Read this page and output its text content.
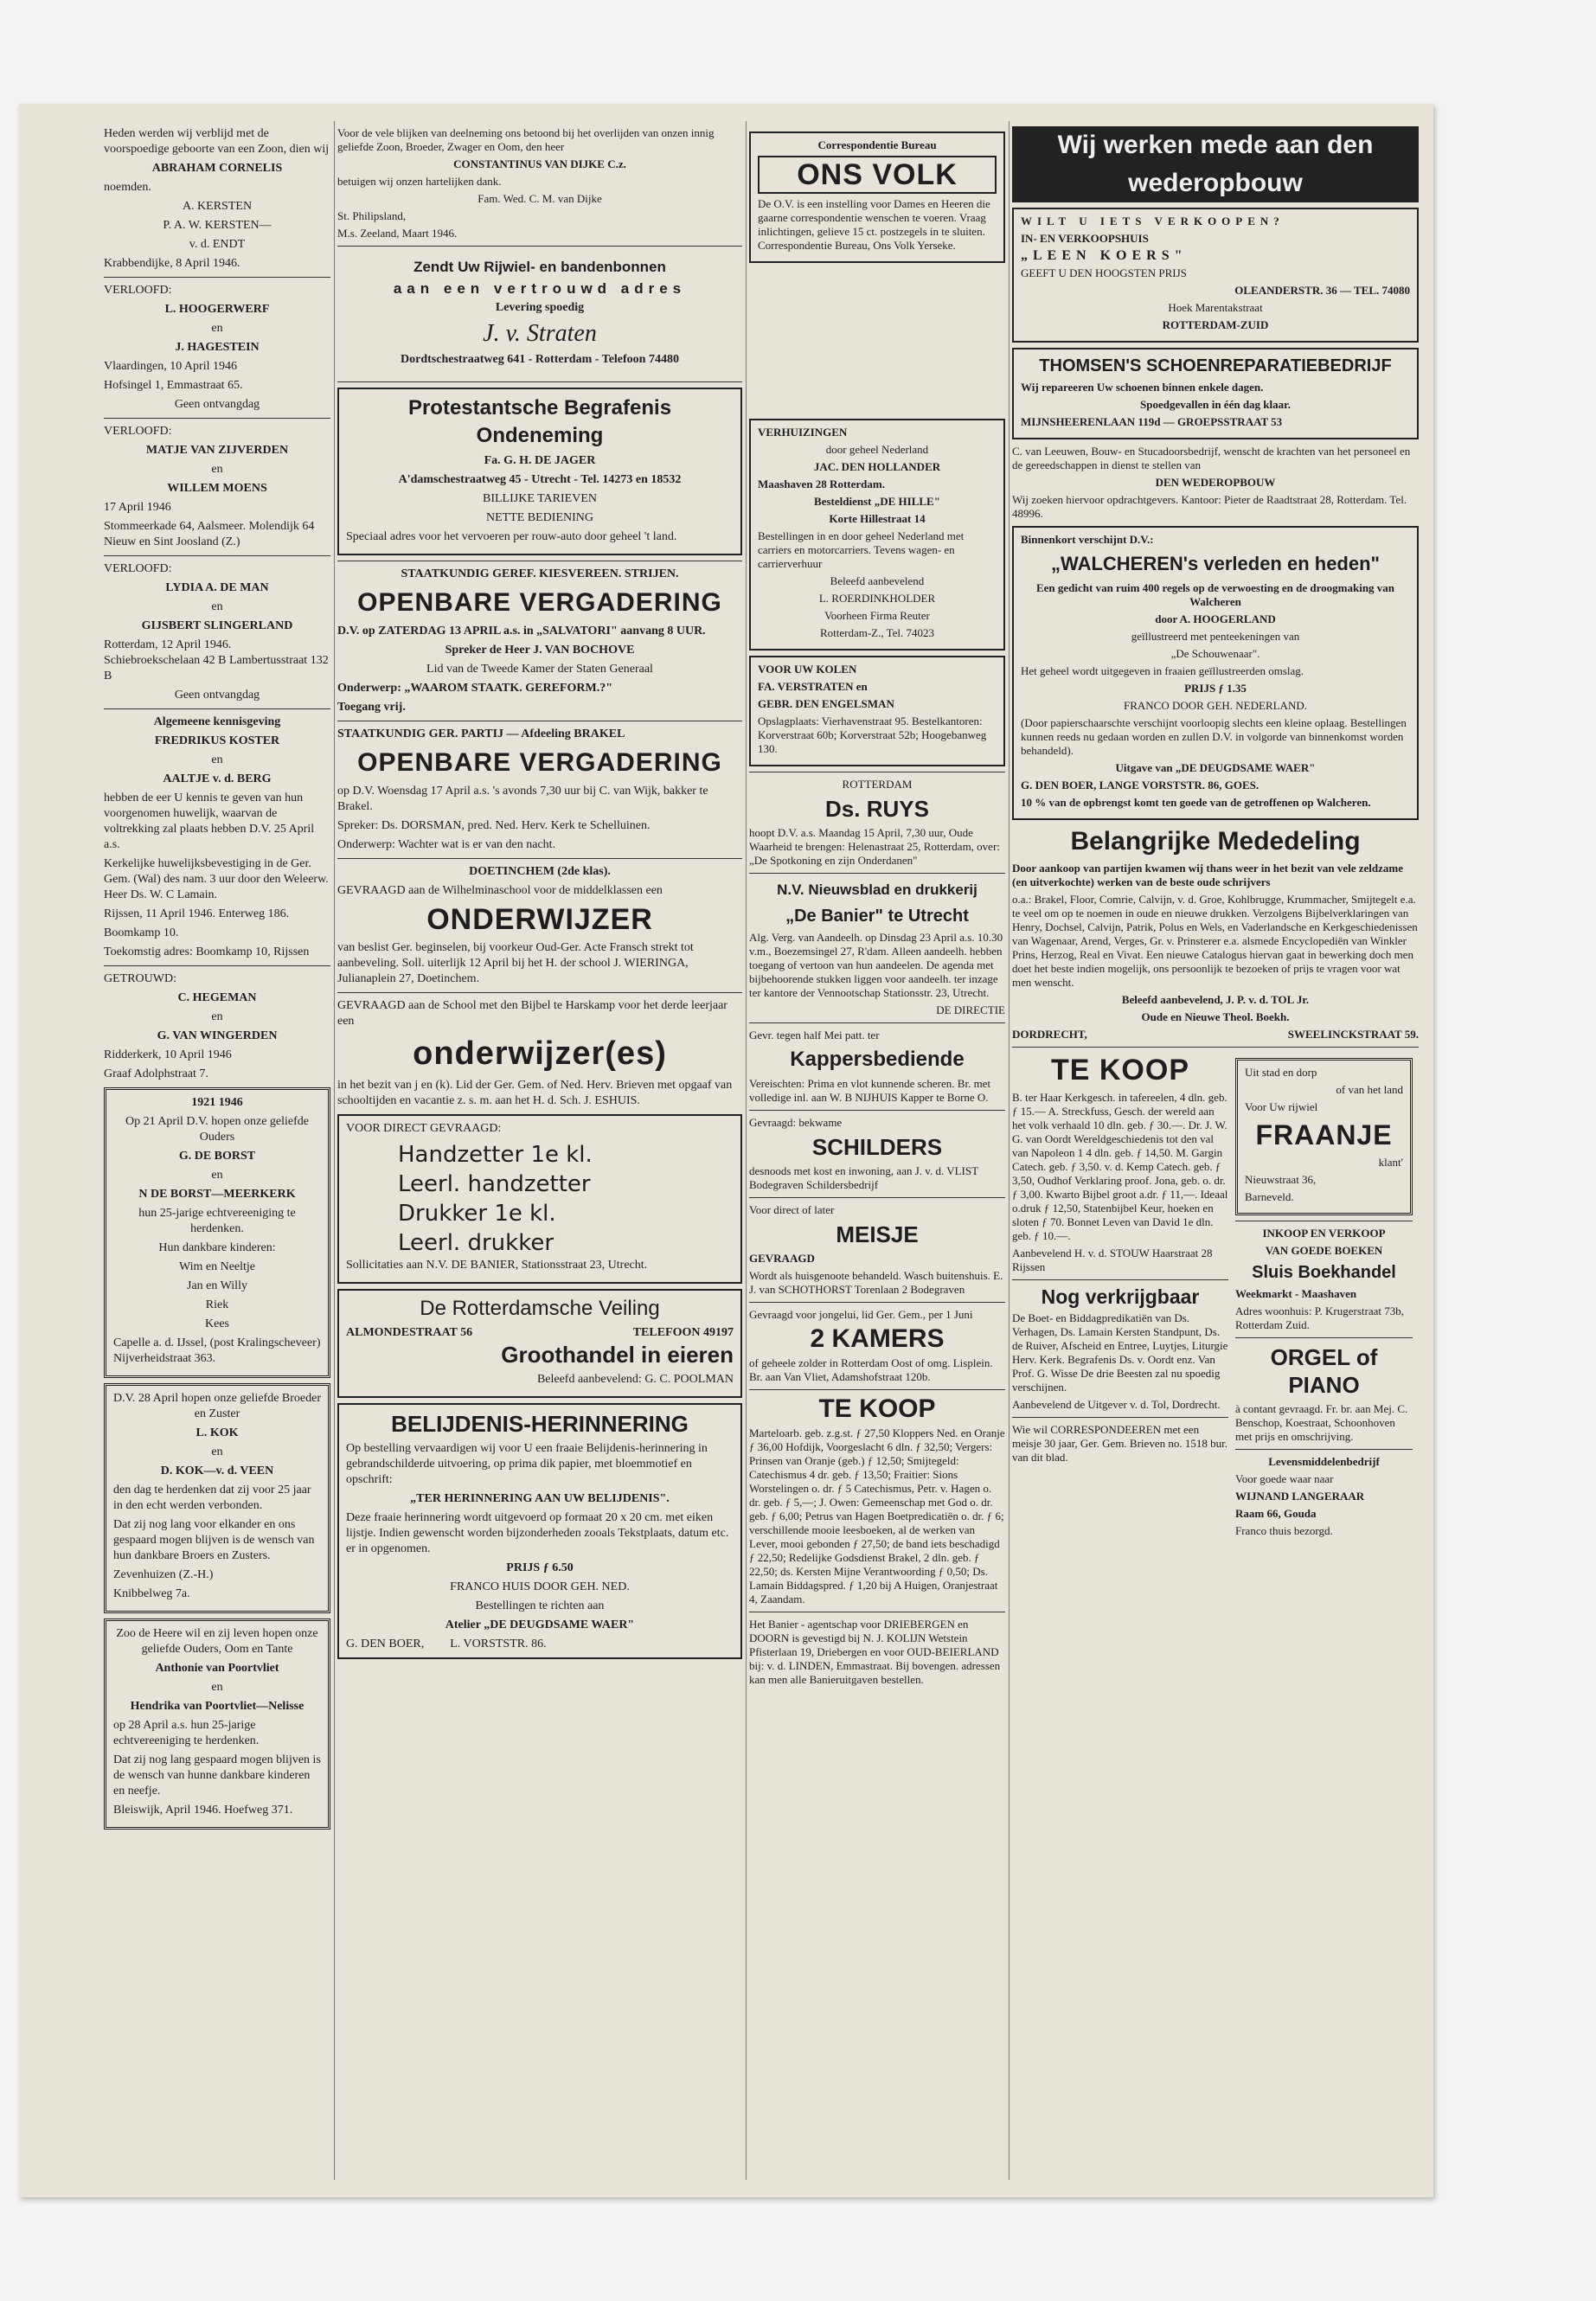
Heden werden wij verblijd met de voorspoedige geboorte van een Zoon, dien wij

ABRAHAM CORNELIS

noemden.

A. KERSTEN

P. A. W. KERSTEN—

v. d. ENDT

Krabbendijke, 8 April 1946.

VERLOOFD:

L. HOOGERWERF

en

J. HAGESTEIN

Vlaardingen, 10 April 1946

Hofsingel 1, Emmastraat 65.

Geen ontvangdag

VERLOOFD:

MATJE VAN ZIJVERDEN

en

WILLEM MOENS

17 April 1946

Stommeerkade 64, Aalsmeer. Molendijk 64 Nieuw en Sint Joosland (Z.)

VERLOOFD:

LYDIA A. DE MAN

en

GIJSBERT SLINGERLAND

Rotterdam, 12 April 1946. Schiebroekschelaan 42 B Lambertusstraat 132 B

Geen ontvangdag

Algemeene kennisgeving

FREDRIKUS KOSTER

en

AALTJE v. d. BERG

hebben de eer U kennis te geven van hun voorgenomen huwelijk, waarvan de voltrekking zal plaats hebben D.V. 25 April a.s.

Kerkelijke huwelijksbevestiging in de Ger. Gem. (Wal) des nam. 3 uur door den Weleerw. Heer Ds. W. C Lamain.

Rijssen, 11 April 1946. Enterweg 186.

Boomkamp 10.

Toekomstig adres: Boomkamp 10, Rijssen

GETROUWD:

C. HEGEMAN

en

G. VAN WINGERDEN

Ridderkerk, 10 April 1946

Graaf Adolphstraat 7.

1921 1946

Op 21 April D.V. hopen onze geliefde Ouders

G. DE BORST

en

N DE BORST—MEERKERK

hun 25-jarige echtvereeniging te herdenken.

Hun dankbare kinderen:

Wim en Neeltje

Jan en Willy

Riek

Kees

Capelle a. d. IJssel, (post Kralingscheveer) Nijverheidstraat 363.

D.V. 28 April hopen onze geliefde Broeder en Zuster

L. KOK

en

D. KOK—v. d. VEEN

den dag te herdenken dat zij voor 25 jaar in den echt werden verbonden.

Dat zij nog lang voor elkander en ons gespaard mogen blijven is de wensch van hun dankbare Broers en Zusters.

Zevenhuizen (Z.-H.)

Knibbelweg 7a.

Zoo de Heere wil en zij leven hopen onze geliefde Ouders, Oom en Tante

Anthonie van Poortvliet

en

Hendrika van Poortvliet—Nelisse

op 28 April a.s. hun 25-jarige echtvereeniging te herdenken.

Dat zij nog lang gespaard mogen blijven is de wensch van hunne dankbare kinderen en neefje.

Bleiswijk, April 1946. Hoefweg 371.

Voor de vele blijken van deelneming ons betoond bij het overlijden van onzen innig geliefde Zoon, Broeder, Zwager en Oom, den heer

CONSTANTINUS VAN DIJKE C.z.

betuigen wij onzen hartelijken dank.

Fam. Wed. C. M. van Dijke

St. Philipsland,

M.s. Zeeland, Maart 1946.

Zendt Uw Rijwiel- en bandenbonnen

aan een vertrouwd adres

Levering spoedig

J. v. Straten

Dordtschestraatweg 641 - Rotterdam - Telefoon 74480

Protestantsche Begrafenis Ondeneming

Fa. G. H. DE JAGER

A'damschestraatweg 45 - Utrecht - Tel. 14273 en 18532

BILLIJKE TARIEVEN

NETTE BEDIENING

Speciaal adres voor het vervoeren per rouw-auto door geheel 't land.

STAATKUNDIG GEREF. KIESVEREEN. STRIJEN.

OPENBARE VERGADERING

D.V. op ZATERDAG 13 APRIL a.s. in „SALVATORI" aanvang 8 UUR.

Spreker de Heer J. VAN BOCHOVE

Lid van de Tweede Kamer der Staten Generaal

Onderwerp: „WAAROM STAATK. GEREFORM.?"

Toegang vrij.

STAATKUNDIG GER. PARTIJ — Afdeeling BRAKEL

OPENBARE VERGADERING

op D.V. Woensdag 17 April a.s. 's avonds 7,30 uur bij C. van Wijk, bakker te Brakel.

Spreker: Ds. DORSMAN, pred. Ned. Herv. Kerk te Schelluinen.

Onderwerp: Wachter wat is er van den nacht.

DOETINCHEM (2de klas).

GEVRAAGD aan de Wilhelminaschool voor de middelklassen een

ONDERWIJZER

van beslist Ger. beginselen, bij voorkeur Oud-Ger. Acte Fransch strekt tot aanbeveling. Soll. uiterlijk 12 April bij het H. der school J. WIERINGA, Julianaplein 27, Doetinchem.

GEVRAAGD aan de School met den Bijbel te Harskamp voor het derde leerjaar een

onderwijzer(es)

in het bezit van j en (k). Lid der Ger. Gem. of Ned. Herv. Brieven met opgaaf van schooltijden en vacantie z. s. m. aan het H. d. Sch. J. ESHUIS.

VOOR DIRECT GEVRAAGD:

Handzetter 1e kl.

Leerl. handzetter

Drukker 1e kl.

Leerl. drukker

Sollicitaties aan N.V. DE BANIER, Stationsstraat 23, Utrecht.

De Rotterdamsche Veiling

ALMONDESTRAAT 56	TELEFOON 49197

Groothandel in eieren

Beleefd aanbevelend: G. C. POOLMAN

BELIJDENIS-HERINNERING

Op bestelling vervaardigen wij voor U een fraaie Belijdenis-herinnering in gebrandschilderde uitvoering, op prima dik papier, met bloemmotief en opschrift:

„TER HERINNERING AAN UW BELIJDENIS".

Deze fraaie herinnering wordt uitgevoerd op formaat 20 x 20 cm. met eiken lijstje. Indien gewenscht worden bijzonderheden zooals Tekstplaats, datum etc. er in opgenomen.

PRIJS ƒ 6.50

FRANCO HUIS DOOR GEH. NED.

Bestellingen te richten aan

Atelier „DE DEUGDSAME WAER"

G. DEN BOER, L. VORSTSTR. 86.

Correspondentie Bureau

ONS VOLK

De O.V. is een instelling voor Dames en Heeren die gaarne correspondentie wenschen te voeren. Vraag inlichtingen, gelieve 15 ct. postzegels in te sluiten. Correspondentie Bureau, Ons Volk Yerseke.

VERHUIZINGEN

door geheel Nederland

JAC. DEN HOLLANDER

Maashaven 28 Rotterdam.

Besteldienst „DE HILLE"

Korte Hillestraat 14

Bestellingen in en door geheel Nederland met carriers en motorcarriers. Tevens wagen- en carrierverhuur

Beleefd aanbevelend

L. ROERDINKHOLDER

Voorheen Firma Reuter

Rotterdam-Z., Tel. 74023

VOOR UW KOLEN

FA. VERSTRATEN en

GEBR. DEN ENGELSMAN

Opslagplaats: Vierhavenstraat 95. Bestelkantoren: Korverstraat 60b; Korverstraat 52b; Hoogebanweg 130.

ROTTERDAM

Ds. RUYS

hoopt D.V. a.s. Maandag 15 April, 7,30 uur, Oude Waarheid te brengen: Helenastraat 25, Rotterdam, over: „De Spotkoning en zijn Onderdanen"

N.V. Nieuwsblad en drukkerij

„De Banier" te Utrecht

Alg. Verg. van Aandeelh. op Dinsdag 23 April a.s. 10.30 v.m., Boezemsingel 27, R'dam. Alleen aandeelh. hebben toegang of vertoon van hun aandeelen. De agenda met bijbehoorende stukken liggen voor aandeelh. ter inzage ter kantore der Vennootschap Stationsstr. 23, Utrecht.

DE DIRECTIE

Gevr. tegen half Mei patt. ter

Kappersbediende

Vereischten: Prima en vlot kunnende scheren. Br. met volledige inl. aan W. B NIJHUIS Kapper te Borne O.

Gevraagd: bekwame

SCHILDERS

desnoods met kost en inwoning, aan J. v. d. VLIST Bodegraven Schildersbedrijf

Voor direct of later

MEISJE

GEVRAAGD

Wordt als huisgenoote behandeld. Wasch buitenshuis. E. J. van SCHOTHORST Torenlaan 2 Bodegraven

Gevraagd voor jongelui, lid Ger. Gem., per 1 Juni

2 KAMERS

of geheele zolder in Rotterdam Oost of omg. Lisplein. Br. aan Van Vliet, Adamshofstraat 120b.

TE KOOP

Marteloarb. geb. z.g.st. ƒ 27,50 Kloppers Ned. en Oranje ƒ 36,00 Hofdijk, Voorgeslacht 6 dln. ƒ 32,50; Vergers: Prinsen van Oranje (geb.) ƒ 12,50; Smijtegeld: Catechismus 4 dr. geb. ƒ 13,50; Fraitier: Sions Worstelingen o. dr. ƒ 5 Catechismus, Petr. v. Hagen o. dr. geb. ƒ 5,—; J. Owen: Gemeenschap met God o. dr. geb. ƒ 6,00; Petrus van Hagen Boetpredicatiën o. dr. ƒ 6; verschillende mooie leesboeken, al de werken van Lever, mooi gebonden ƒ 27,50; de band iets beschadigd ƒ 22,50; Redelijke Godsdienst Brakel, 2 dln. geb. ƒ 22,50; ds. Kersten Mijne Verantwoording ƒ 0,50; Ds. Lamain Biddagspred. ƒ 1,20 bij A Huigen, Oranjestraat 4, Zaandam.

Het Banier - agentschap voor DRIEBERGEN en DOORN is gevestigd bij N. J. KOLIJN Wetstein Pfisterlaan 19, Driebergen en voor OUD-BEIERLAND bij: v. d. LINDEN, Emmastraat. Bij bovengen. adressen kan men alle Banieruitgaven bestellen.

Wij werken mede aan den wederopbouw

WILT U IETS VERKOOPEN?

IN- EN VERKOOPSHUIS

„LEEN KOERS"

GEEFT U DEN HOOGSTEN PRIJS

OLEANDERSTR. 36 — TEL. 74080

Hoek Marentakstraat

ROTTERDAM-ZUID

THOMSEN'S SCHOENREPARATIEBEDRIJF

Wij repareeren Uw schoenen binnen enkele dagen.

Spoedgevallen in één dag klaar.

MIJNSHEERENLAAN 119d — GROEPSSTRAAT 53

C. van Leeuwen, Bouw- en Stucadoorsbedrijf, wenscht de krachten van het personeel en de gereedschappen in dienst te stellen van

DEN WEDEROPBOUW

Wij zoeken hiervoor opdrachtgevers. Kantoor: Pieter de Raadtstraat 28, Rotterdam. Tel. 48996.

Binnenkort verschijnt D.V.:

„WALCHEREN's verleden en heden"

Een gedicht van ruim 400 regels op de verwoesting en de droogmaking van Walcheren

door A. HOOGERLAND

geïllustreerd met penteekeningen van

„De Schouwenaar".

Het geheel wordt uitgegeven in fraaien geïllustreerden omslag.

PRIJS ƒ 1.35

FRANCO DOOR GEH. NEDERLAND.

(Door papierschaarschte verschijnt voorloopig slechts een kleine oplaag. Bestellingen kunnen reeds nu gedaan worden en zullen D.V. in volgorde van binnenkomst worden behandeld).

Uitgave van „DE DEUGDSAME WAER"

G. DEN BOER, LANGE VORSTSTR. 86, GOES.

10 % van de opbrengst komt ten goede van de getroffenen op Walcheren.

Belangrijke Mededeling

Door aankoop van partijen kwamen wij thans weer in het bezit van vele zeldzame (en uitverkochte) werken van de beste oude schrijvers

o.a.: Brakel, Floor, Comrie, Calvijn, v. d. Groe, Kohlbrugge, Krummacher, Smijtegelt e.a. te veel om op te noemen in oude en nieuwe drukken. Verzolgens Bijbelverklaringen van Henry, Dochsel, Calvijn, Patrik, Polus en Wels, en Vaderlandsche en Kerkgeschiedenissen van Wagenaar, Arend, Verges, Gr. v. Prinsterer e.a. alsmede Encyclopediën van Winkler Prins, Herzog, Real en Vivat. Een nieuwe Catalogus hiervan gaat in bewerking doch men doet het beste indien mogelijk, ons persoonlijk te bezoeken of prijs te vragen voor wat men wenscht.

Beleefd aanbevelend, J. P. v. d. TOL Jr.

Oude en Nieuwe Theol. Boekh.

DORDRECHT,	SWEELINCKSTRAAT 59.

TE KOOP

B. ter Haar Kerkgesch. in tafereelen, 4 dln. geb. ƒ 15.— A. Streckfuss, Gesch. der wereld aan het volk verhaald 10 dln. geb. ƒ 30.—. Dr. J. W. G. van Oordt Wereldgeschiedenis tot den val van Napoleon 1 4 dln. geb. ƒ 14,50. M. Gargin Catech. geb. ƒ 3,50. v. d. Kemp Catech. geb. ƒ 3,50, Oudhof Verklaring proof. Jona, geb. o. dr. ƒ 3,00. Kwarto Bijbel groot a.dr. ƒ 11,—. Ideaal o.druk ƒ 12,50, Statenbijbel Keur, hoeken en sloten ƒ 70. Bonnet Leven van David 1e dln. geb. ƒ 10.—.

Aanbevelend H. v. d. STOUW Haarstraat 28 Rijssen

Nog verkrijgbaar

De Boet- en Biddagpredikatiën van Ds. Verhagen, Ds. Lamain Kersten Standpunt, Ds. de Ruiver, Afscheid en Entree, Luytjes, Liturgie Herv. Kerk. Begrafenis Ds. v. Oordt enz. Van Prof. G. Wisse De drie Beesten zal nu spoedig verschijnen.

Aanbevelend de Uitgever v. d. Tol, Dordrecht.

Wie wil CORRESPONDEEREN met een meisje 30 jaar, Ger. Gem. Brieven no. 1518 bur. van dit blad.

Uit stad en dorp

of van het land

Voor Uw rijwiel

FRAANJE

klant'

Nieuwstraat 36,

Barneveld.

INKOOP EN VERKOOP

VAN GOEDE BOEKEN

Sluis Boekhandel

Weekmarkt - Maashaven

Adres woonhuis: P. Krugerstraat 73b, Rotterdam Zuid.

ORGEL of PIANO

à contant gevraagd. Fr. br. aan Mej. C. Benschop, Koestraat, Schoonhoven met prijs en omschrijving.

Levensmiddelenbedrijf

Voor goede waar naar

WIJNAND LANGERAAR

Raam 66, Gouda

Franco thuis bezorgd.
